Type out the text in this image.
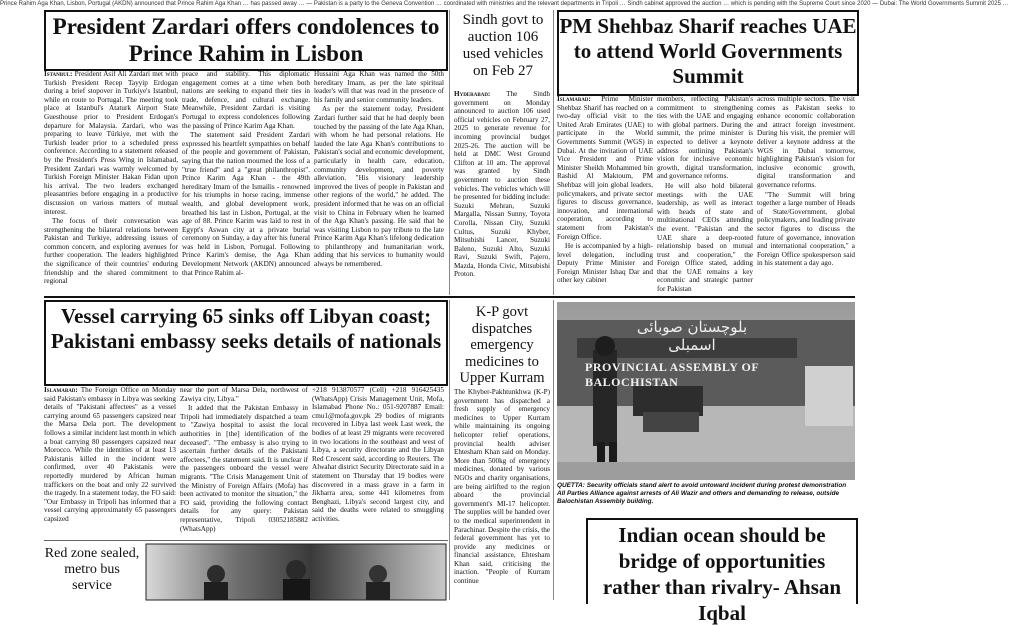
Prince Rahim Aga Khan, Lisbon, Portugal (AKDN) announced that Prince Rahim Aga Khan … has passed away … — Pakistan is a party to the Geneva Convention … coordinated with ministries and the relevant departments in Tripoli … Sindh cabinet approved the auction … which is pending with the Supreme Court since 2020 — Dubai: The World Governments Summit 2025 …
President Zardari offers condolences to Prince Rahim in Lisbon

Istanbul: President Asif Ali Zardari met with Turkish President Recep Tayyip Erdogan during a brief stopover in Turkiye's Istanbul, while en route to Portugal. The meeting took place at Istanbul's Ataturk Airport State Guesthouse prior to President Erdogan's departure for Malaysia. Zardari, who was preparing to leave Türkiye, met with the Turkish leader prior to a scheduled press conference. According to a statement released by the President's Press Wing in Islamabad, President Zardari was warmly welcomed by Turkish Foreign Minister Hakan Fidan upon his arrival. The two leaders exchanged pleasantries before engaging in a productive discussion on various matters of mutual interest.

The focus of their conversation was strengthening the bilateral relations between Pakistan and Turkiye, addressing issues of common concern, and exploring avenues for further cooperation. The leaders highlighted the significance of their countries' enduring friendship and the shared commitment to regional

peace and stability. This diplomatic engagement comes at a time when both nations are seeking to expand their ties in trade, defence, and cultural exchange. Meanwhile, President Zardari is visiting Portugal to express condolences following the passing of Prince Karim Aga Khan.

The statement said President Zardari expressed his heartfelt sympathies on behalf of the people and government of Pakistan, saying that the nation mourned the loss of a "true friend" and a "great philanthropist". Prince Karim Aga Khan - the 49th hereditary Imam of the Ismailis - renowned for his triumphs in horse racing, immense wealth, and global development work, breathed his last in Lisbon, Portugal, at the age of 88. Prince Karim was laid to rest in Egypt's Aswan city at a private burial ceremony on Sunday, a day after his funeral was held in Lisbon, Portugal. Following Prince Karim's demise, the Aga Khan Development Network (AKDN) announced that Prince Rahim al-

Hussaini Aga Khan was named the 50th hereditary Imam, as per the late spiritual leader's will that was read in the presence of his family and senior community leaders.

As per the statement today, President Zardari further said that he had deeply been touched by the passing of the late Aga Khan, with whom he had personal relations. He lauded the late Aga Khan's contributions to Pakistan's social and economic development, particularly in health care, education, community development, and poverty alleviation. "His visionary leadership improved the lives of people in Pakistan and other regions of the world," he added. The president informed that he was on an official visit to China in February when he learned of the Aga Khan's passing. He said that he was visiting Lisbon to pay tribute to the late Prince Karim Aga Khan's lifelong dedication to philanthropy and humanitarian work, adding that his services to humanity would always be remembered.

Sindh govt to auction 106 used vehicles on Feb 27

Hyderabad: The Sindh government on Monday announced to auction 106 used official vehicles on February 27, 2025 to generate revenue for incoming provincial budget 2025-26. The auction will be held at DMC West Ground Clifton at 10 am. The approval was granted by Sindh government to auction these vehicles. The vehicles which will be presented for bidding include: Suzuki Mehran, Suzuki Margalla, Nissan Sunny, Toyota Corolla, Nissan City, Suzuki Cultus, Suzuki Khyber, Mitsubishi Lancer, Suzuki Baleno, Suzuki Alto, Suzuki Ravi, Suzuki Swift, Pajero, Mazda, Honda Civic, Mitsubishi Proton.

PM Shehbaz Sharif reaches UAE to attend World Governments Summit

Islamabad: Prime Minister Shehbaz Sharif has reached on a two-day official visit to the United Arab Emirates (UAE) to participate in the World Governments Summit (WGS) in Dubai. At the invitation of UAE Vice President and Prime Minister Sheikh Mohammed bin Rashid Al Maktoum, PM Shehbaz will join global leaders, policymakers, and private sector figures to discuss governance, innovation, and international cooperation, according to statement from Pakistan's Foreign Office.

He is accompanied by a high-level delegation, including Deputy Prime Minister and Foreign Minister Ishaq Dar and other key cabinet

members, reflecting Pakistan's commitment to strengthening ties with the UAE and engaging with global partners. During the summit, the prime minister is expected to deliver a keynote address outlining Pakistan's vision for inclusive economic growth, digital transformation, and governance reforms.

He will also hold bilateral meetings with the UAE leadership, as well as interact with heads of state and multinational CEOs attending the event. "Pakistan and the UAE share a deep-rooted relationship based on mutual trust and cooperation," the Foreign Office stated, adding that the UAE remains a key economic and strategic partner for Pakistan

across multiple sectors. The visit comes as Pakistan seeks to enhance economic collaboration and attract foreign investment. During his visit, the premier will deliver a keynote address at the WGS in Dubai tomorrow, highlighting Pakistan's vision for inclusive economic growth, digital transformation and governance reforms.

"The Summit will bring together a large number of Heads of State/Government, global policymakers, and leading private sector figures to discuss the future of governance, innovation and international cooperation," a Foreign Office spokesperson said in his statement a day ago.

Vessel carrying 65 sinks off Libyan coast; Pakistani embassy seeks details of nationals

Islamabad: The Foreign Office on Monday said Pakistan's embassy in Libya was seeking details of "Pakistani affectees" as a vessel carrying around 65 passengers capsized near the Marsa Dela port. The development follows a similar incident last month in which a boat carrying 80 passengers capsized near Morocco. While the identities of at least 13 Pakistanis killed in the incident were confirmed, over 40 Pakistanis were reportedly murdered by African human traffickers on the boat and only 22 survived the tragedy. In a statement today, the FO said: "Our Embassy in Tripoli has informed that a vessel carrying approximately 65 passengers capsized

near the port of Marsa Dela, northwest of Zawiya city, Libya."

It added that the Pakistan Embassy in Tripoli had immediately dispatched a team to "Zawiya hospital to assist the local authorities in [the] identification of the deceased". "The embassy is also trying to ascertain further details of the Pakistani affectees," the statement said. It is unclear if the passengers onboard the vessel were migrants. "The Crisis Management Unit of the Ministry of Foreign Affairs (Mofa) has been activated to monitor the situation," the FO said, providing the following contact details for any query: Pakistan representative, Tripoli 03052185882 (WhatsApp)

+218 913870577 (Cell) +218 916425435 (WhatsApp) Crisis Management Unit, Mofa, Islamabad Phone No.: 051-9207887 Email: cmu1@mofa.gov.pk 29 bodies of migrants recovered in Libya last week Last week, the bodies of at least 29 migrants were recovered in two locations in the southeast and west of Libya, a security directorate and the Libyan Red Crescent said, according to Reuters. The Alwahat district Security Directorate said in a statement on Thursday that 19 bodies were discovered in a mass grave in a farm in Jikharra area, some 441 kilometres from Benghazi, Libya's second largest city, and said the deaths were related to smuggling activities.

Red zone sealed, metro bus service
K-P govt dispatches emergency medicines to Upper Kurram

The Khyber-Pakhtunkhwa (K-P) government has dispatched a fresh supply of emergency medicines to Upper Kurram while maintaining its ongoing helicopter relief operations, provincial health adviser Ehtesham Khan said on Monday. More than 500kg of emergency medicines, donated by various NGOs and charity organisations, are being airlifted to the region aboard the provincial government's MI-17 helicopter. The supplies will be handed over to the medical superintendent in Parachinar. Despite the crisis, the federal government has yet to provide any medicines or financial assistance, Ehtesham Khan said, criticising the inaction. "People of Kurram continue

بلوچستان صوبائی اسمبلی
PROVINCIAL ASSEMBLY OF BALOCHISTAN
QUETTA: Security officials stand alert to avoid untoward incident during protest demonstration All Parties Alliance against arrests of Ali Wazir and others and demanding to release, outside Balochistan Assembly building.
Indian ocean should be bridge of opportunities rather than rivalry- Ahsan Iqbal
